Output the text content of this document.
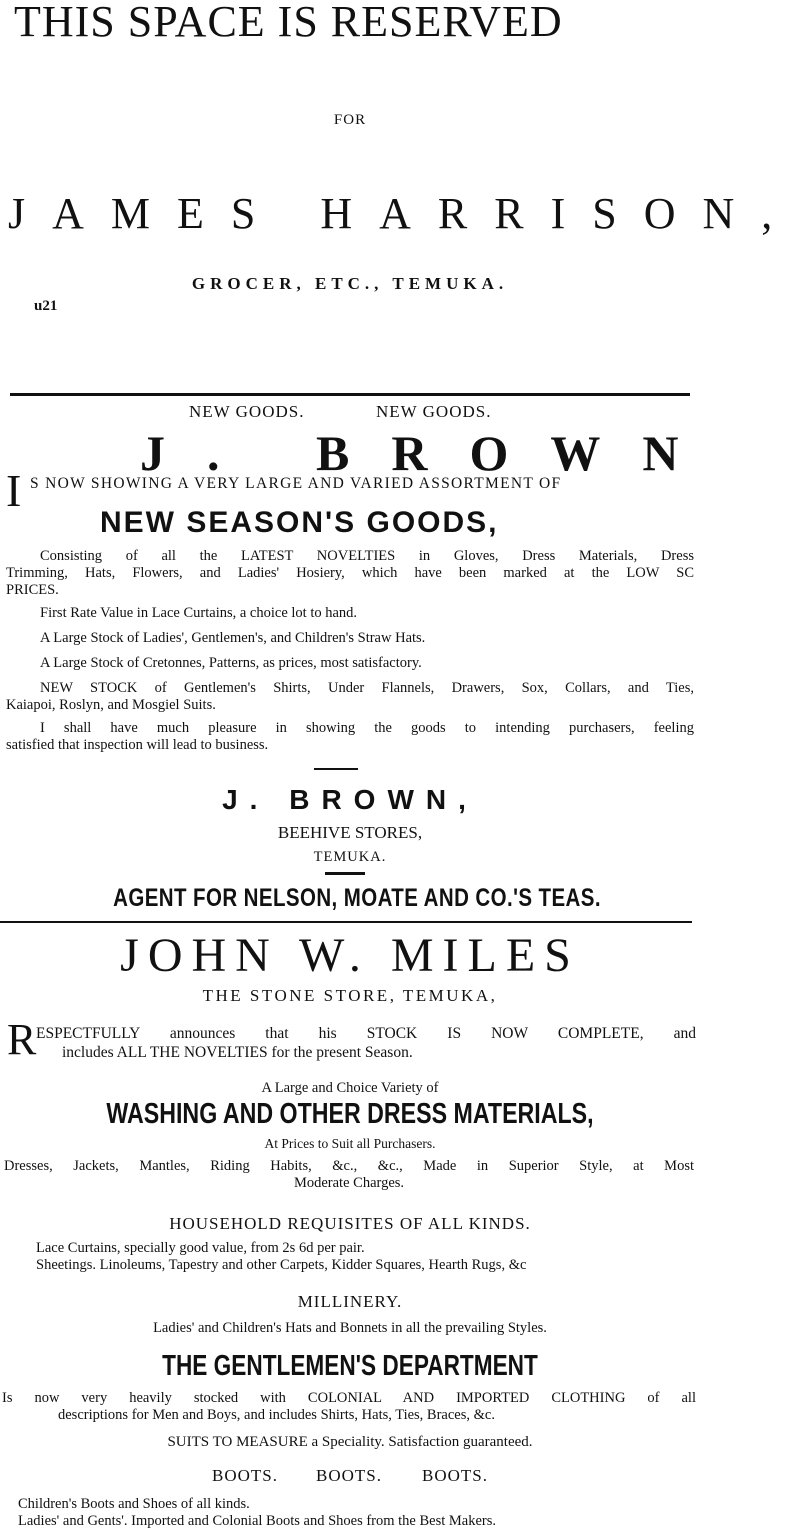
THIS SPACE IS RESERVED
FOR
JAMES HARRISON,
GROCER, ETC., TEMUKA.
u21
NEW GOODS.	NEW GOODS.
J. BROWN
I S NOW SHOWING A VERY LARGE AND VARIED ASSORTMENT OF
NEW SEASON'S GOODS,

Consisting of all the LATEST NOVELTIES in Gloves, Dress Materials, Dress

Trimming, Hats, Flowers, and Ladies' Hosiery, which have been marked at the LOW SC

PRICES.

First Rate Value in Lace Curtains, a choice lot to hand.

A Large Stock of Ladies', Gentlemen's, and Children's Straw Hats.

A Large Stock of Cretonnes, Patterns, as prices, most satisfactory.

NEW STOCK of Gentlemen's Shirts, Under Flannels, Drawers, Sox, Collars, and Ties,

Kaiapoi, Roslyn, and Mosgiel Suits.

I shall have much pleasure in showing the goods to intending purchasers, feeling

satisfied that inspection will lead to business.

J. BROWN,
BEEHIVE STORES,
TEMUKA.
AGENT FOR NELSON, MOATE AND CO.'S TEAS.
JOHN W. MILES
THE STONE STORE, TEMUKA,
R ESPECTFULLY announces that his STOCK IS NOW COMPLETE, and

includes ALL THE NOVELTIES for the present Season.

A Large and Choice Variety of
WASHING AND OTHER DRESS MATERIALS,
At Prices to Suit all Purchasers.

Dresses, Jackets, Mantles, Riding Habits, &c., &c., Made in Superior Style, at Most

Moderate Charges.

HOUSEHOLD REQUISITES OF ALL KINDS.

Lace Curtains, specially good value, from 2s 6d per pair.

Sheetings. Linoleums, Tapestry and other Carpets, Kidder Squares, Hearth Rugs, &c

MILLINERY.
Ladies' and Children's Hats and Bonnets in all the prevailing Styles.
THE GENTLEMEN'S DEPARTMENT

Is now very heavily stocked with COLONIAL AND IMPORTED CLOTHING of all

descriptions for Men and Boys, and includes Shirts, Hats, Ties, Braces, &c.

SUITS TO MEASURE a Speciality. Satisfaction guaranteed.
BOOTS. BOOTS. BOOTS.

Children's Boots and Shoes of all kinds.

Ladies' and Gents'. Imported and Colonial Boots and Shoes from the Best Makers.
